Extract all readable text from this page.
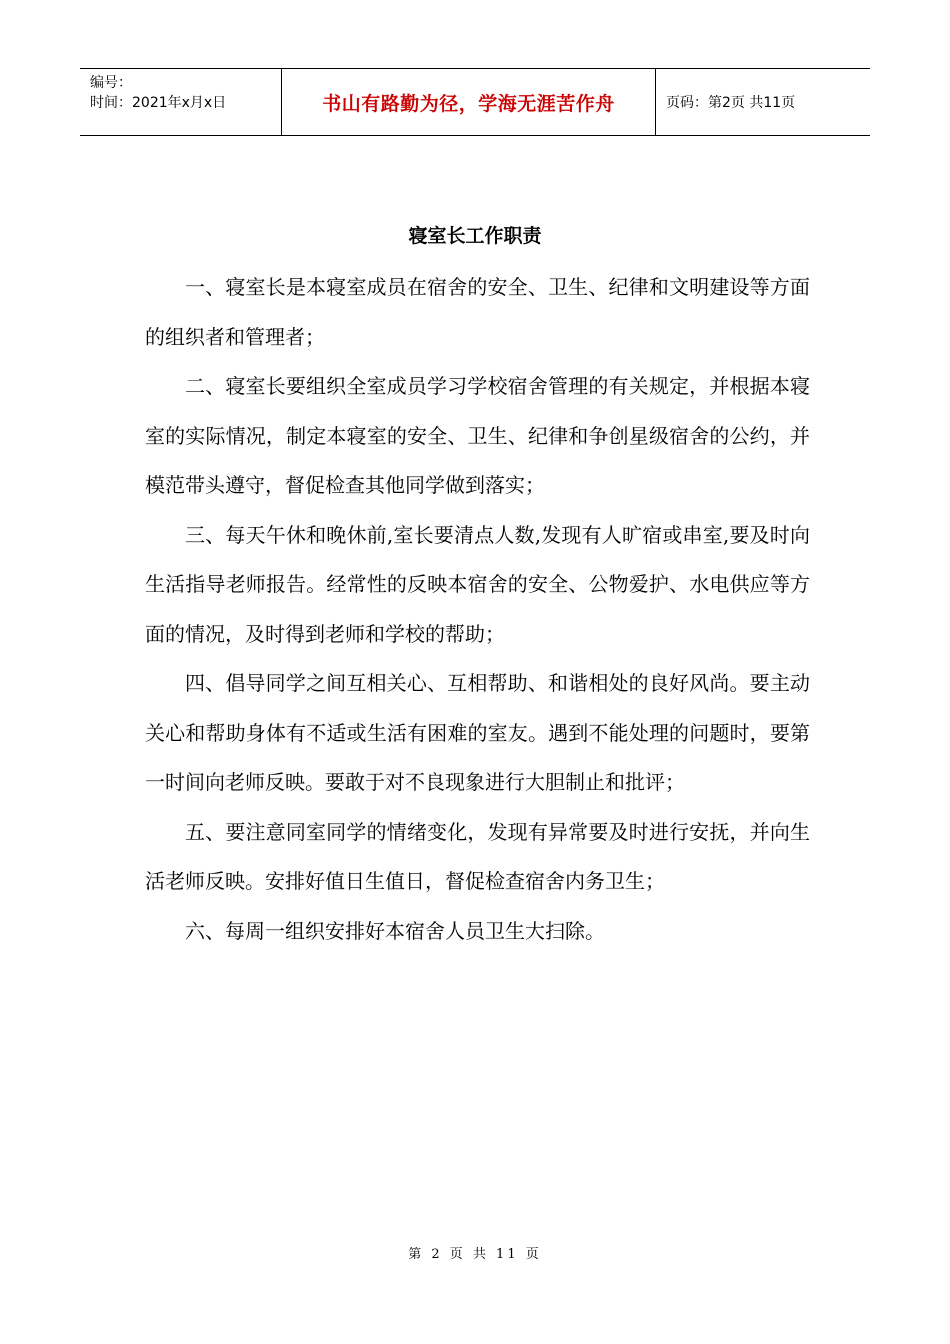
编号：
时间：2021年x月x日	书山有路勤为径，学海无涯苦作舟	页码：第2页 共11页
寝室长工作职责

一、寝室长是本寝室成员在宿舍的安全、卫生、纪律和文明建设等方面的组织者和管理者；

二、寝室长要组织全室成员学习学校宿舍管理的有关规定，并根据本寝室的实际情况，制定本寝室的安全、卫生、纪律和争创星级宿舍的公约，并模范带头遵守，督促检查其他同学做到落实；

三、每天午休和晚休前,室长要清点人数,发现有人旷宿或串室,要及时向生活指导老师报告。经常性的反映本宿舍的安全、公物爱护、水电供应等方面的情况，及时得到老师和学校的帮助；

四、倡导同学之间互相关心、互相帮助、和谐相处的良好风尚。要主动关心和帮助身体有不适或生活有困难的室友。遇到不能处理的问题时，要第一时间向老师反映。要敢于对不良现象进行大胆制止和批评；

五、要注意同室同学的情绪变化，发现有异常要及时进行安抚，并向生活老师反映。安排好值日生值日，督促检查宿舍内务卫生；

六、每周一组织安排好本宿舍人员卫生大扫除。

第 2 页 共 11 页
